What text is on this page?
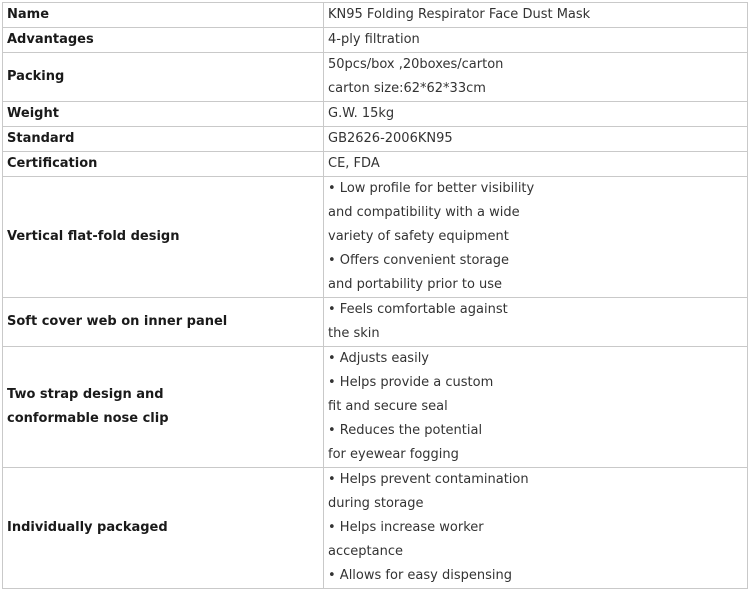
Name	KN95 Folding Respirator Face Dust Mask

Advantages	4-ply filtration

Packing	50pcs/box ,20boxes/carton
carton size:62*62*33cm

Weight	G.W. 15kg

Standard	GB2626-2006KN95

Certification	CE, FDA

Vertical flat-fold design	• Low profile for better visibility
and compatibility with a wide
variety of safety equipment
• Offers convenient storage
and portability prior to use

Soft cover web on inner panel	• Feels comfortable against
the skin

Two strap design and
conformable nose clip	• Adjusts easily
• Helps provide a custom
fit and secure seal
• Reduces the potential
for eyewear fogging

Individually packaged	• Helps prevent contamination
during storage
• Helps increase worker
acceptance
• Allows for easy dispensing
